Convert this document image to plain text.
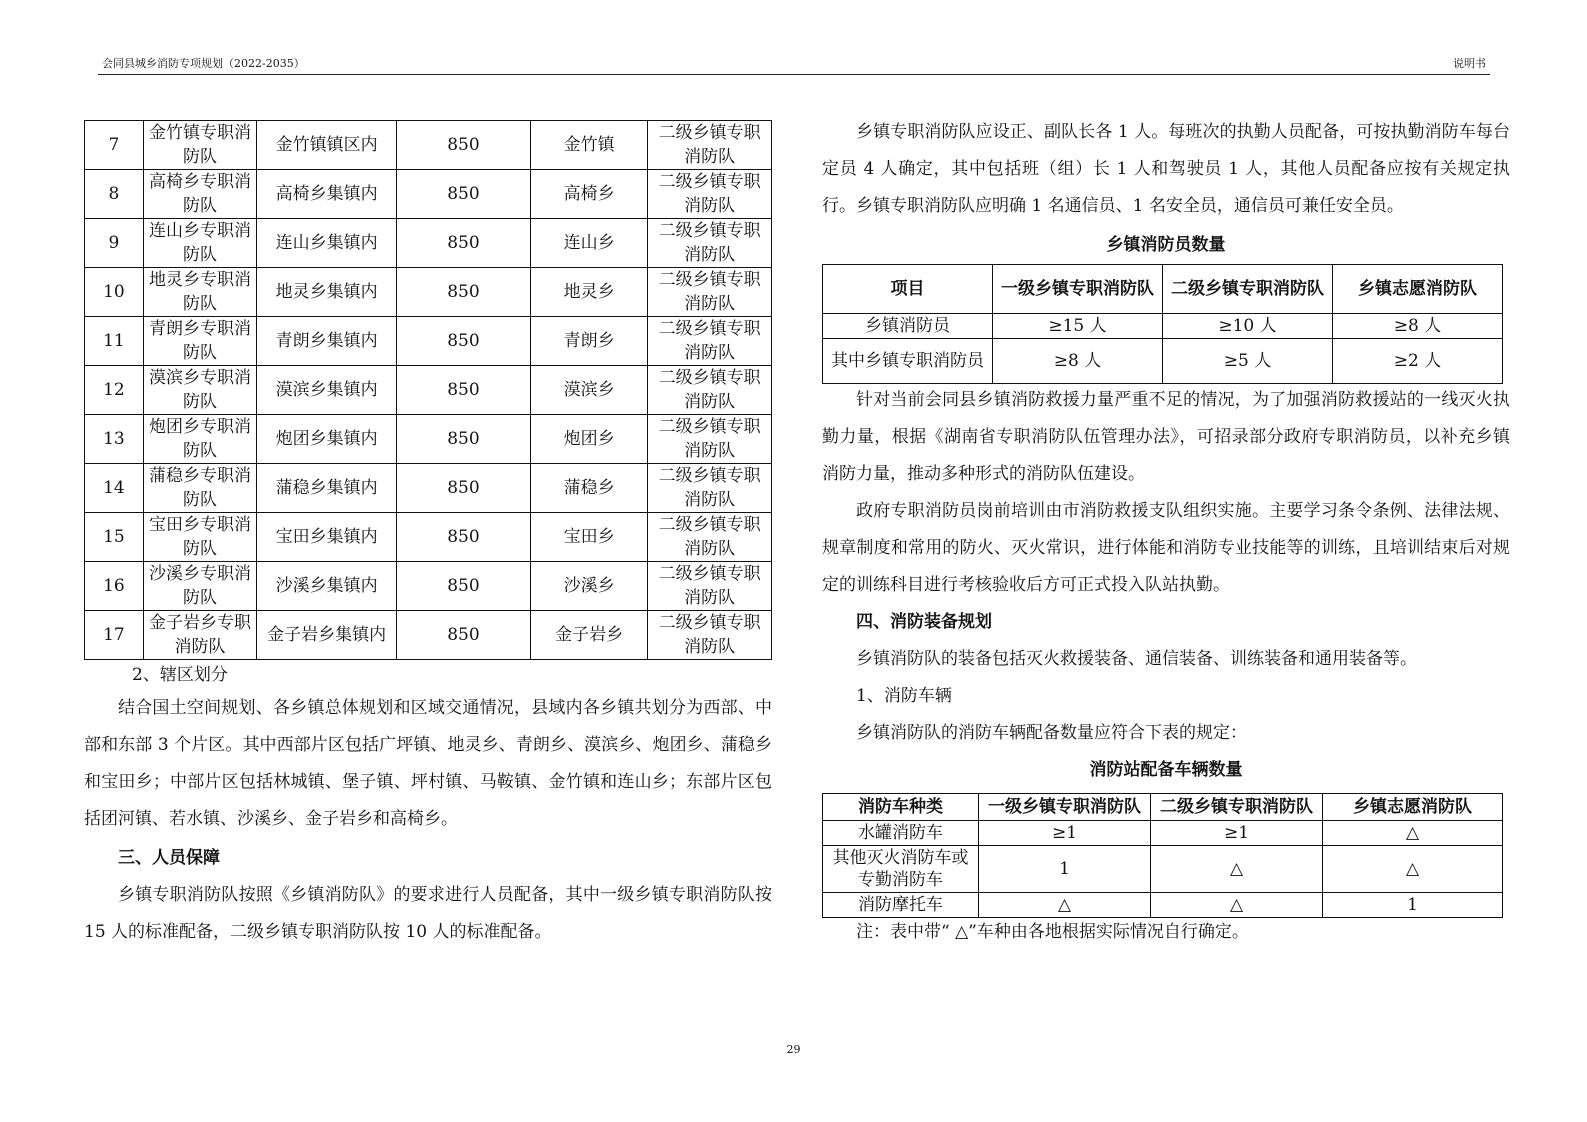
会同县城乡消防专项规划（2022-2035）	说明书
7	金竹镇专职消防队	金竹镇镇区内	850	金竹镇	二级乡镇专职消防队
8	高椅乡专职消防队	高椅乡集镇内	850	高椅乡	二级乡镇专职消防队
9	连山乡专职消防队	连山乡集镇内	850	连山乡	二级乡镇专职消防队
10	地灵乡专职消防队	地灵乡集镇内	850	地灵乡	二级乡镇专职消防队
11	青朗乡专职消防队	青朗乡集镇内	850	青朗乡	二级乡镇专职消防队
12	漠滨乡专职消防队	漠滨乡集镇内	850	漠滨乡	二级乡镇专职消防队
13	炮团乡专职消防队	炮团乡集镇内	850	炮团乡	二级乡镇专职消防队
14	蒲稳乡专职消防队	蒲稳乡集镇内	850	蒲稳乡	二级乡镇专职消防队
15	宝田乡专职消防队	宝田乡集镇内	850	宝田乡	二级乡镇专职消防队
16	沙溪乡专职消防队	沙溪乡集镇内	850	沙溪乡	二级乡镇专职消防队
17	金子岩乡专职消防队	金子岩乡集镇内	850	金子岩乡	二级乡镇专职消防队

2、辖区划分

结合国土空间规划、各乡镇总体规划和区域交通情况，县域内各乡镇共划分为西部、中部和东部 3 个片区。其中西部片区包括广坪镇、地灵乡、青朗乡、漠滨乡、炮团乡、蒲稳乡和宝田乡；中部片区包括林城镇、堡子镇、坪村镇、马鞍镇、金竹镇和连山乡；东部片区包括团河镇、若水镇、沙溪乡、金子岩乡和高椅乡。

三、人员保障

乡镇专职消防队按照《乡镇消防队》的要求进行人员配备，其中一级乡镇专职消防队按 15 人的标准配备，二级乡镇专职消防队按 10 人的标准配备。

乡镇专职消防队应设正、副队长各 1 人。每班次的执勤人员配备，可按执勤消防车每台定员 4 人确定，其中包括班（组）长 1 人和驾驶员 1 人，其他人员配备应按有关规定执行。乡镇专职消防队应明确 1 名通信员、1 名安全员，通信员可兼任安全员。

乡镇消防员数量
项目	一级乡镇专职消防队	二级乡镇专职消防队	乡镇志愿消防队
乡镇消防员	≥15 人	≥10 人	≥8 人
其中乡镇专职消防员	≥8 人	≥5 人	≥2 人

针对当前会同县乡镇消防救援力量严重不足的情况，为了加强消防救援站的一线灭火执勤力量，根据《湖南省专职消防队伍管理办法》，可招录部分政府专职消防员，以补充乡镇消防力量，推动多种形式的消防队伍建设。

政府专职消防员岗前培训由市消防救援支队组织实施。主要学习条令条例、法律法规、规章制度和常用的防火、灭火常识，进行体能和消防专业技能等的训练，且培训结束后对规定的训练科目进行考核验收后方可正式投入队站执勤。

四、消防装备规划

乡镇消防队的装备包括灭火救援装备、通信装备、训练装备和通用装备等。

1、消防车辆

乡镇消防队的消防车辆配备数量应符合下表的规定：

消防站配备车辆数量
消防车种类	一级乡镇专职消防队	二级乡镇专职消防队	乡镇志愿消防队
水罐消防车	≥1	≥1	△
其他灭火消防车或专勤消防车	1	△	△
消防摩托车	△	△	1

注：表中带“ △”车种由各地根据实际情况自行确定。

29
